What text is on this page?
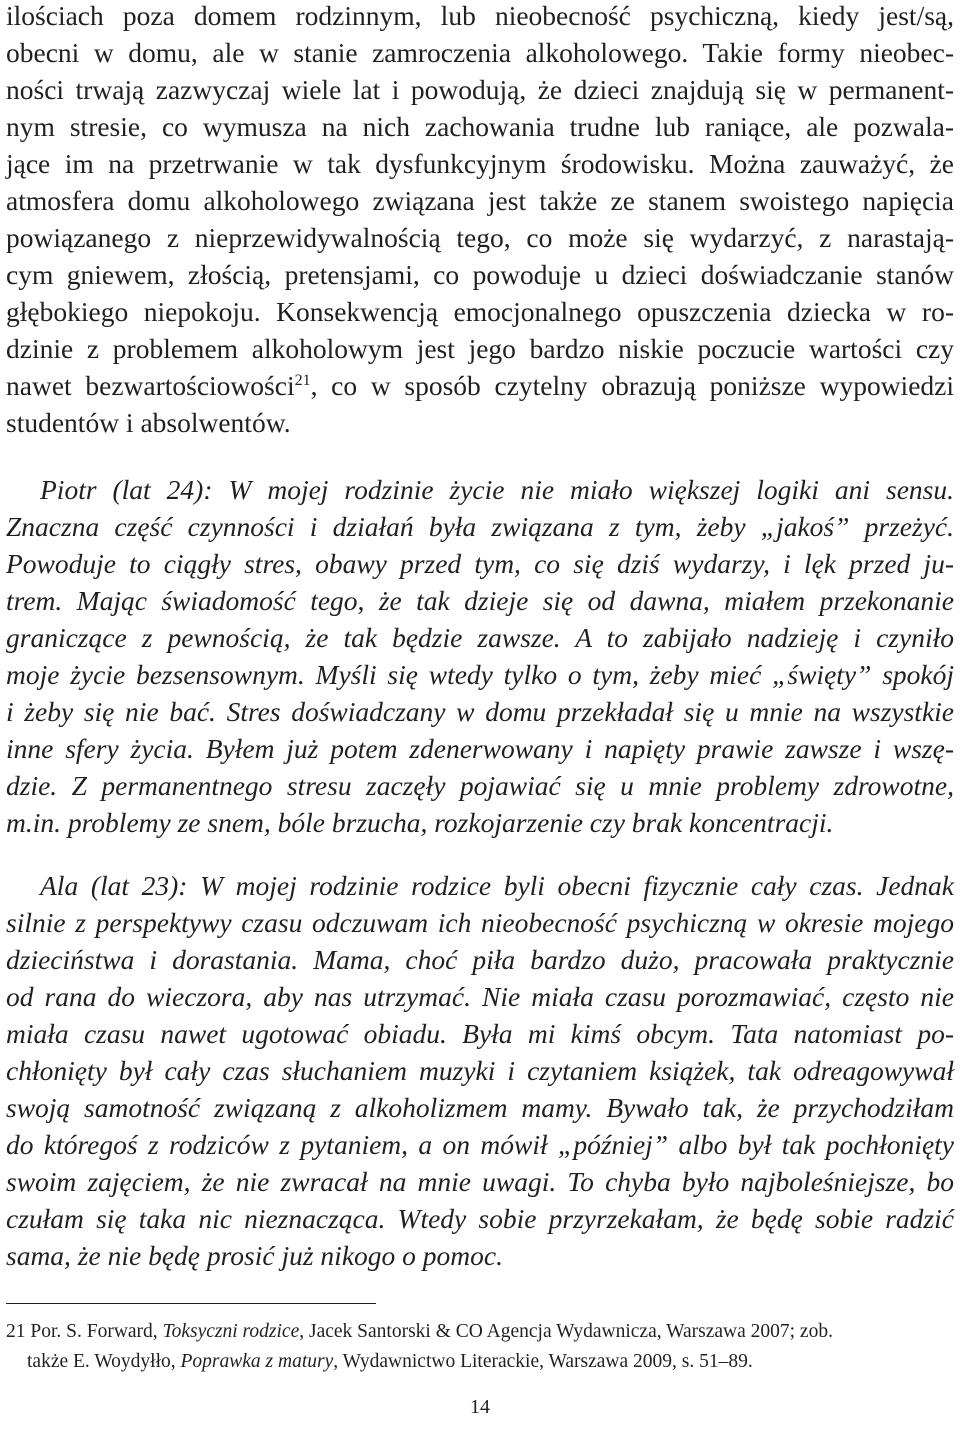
ilościach poza domem rodzinnym, lub nieobecność psychiczną, kiedy jest/są,
obecni w domu, ale w stanie zamroczenia alkoholowego. Takie formy nieobec-
ności trwają zazwyczaj wiele lat i powodują, że dzieci znajdują się w permanent-
nym stresie, co wymusza na nich zachowania trudne lub raniące, ale pozwala-
jące im na przetrwanie w tak dysfunkcyjnym środowisku. Można zauważyć, że
atmosfera domu alkoholowego związana jest także ze stanem swoistego napięcia
powiązanego z nieprzewidywalnością tego, co może się wydarzyć, z narastają-
cym gniewem, złością, pretensjami, co powoduje u dzieci doświadczanie stanów
głębokiego niepokoju. Konsekwencją emocjonalnego opuszczenia dziecka w ro-
dzinie z problemem alkoholowym jest jego bardzo niskie poczucie wartości czy
nawet bezwartościowości$^{21}$, co w sposób czytelny obrazują poniższe wypowiedzi
studentów i absolwentów.
Piotr (lat 24): W mojej rodzinie życie nie miało większej logiki ani sensu.
Znaczna część czynności i działań była związana z tym, żeby „jakoś” przeżyć.
Powoduje to ciągły stres, obawy przed tym, co się dziś wydarzy, i lęk przed ju-
trem. Mając świadomość tego, że tak dzieje się od dawna, miałem przekonanie
graniczące z pewnością, że tak będzie zawsze. A to zabijało nadzieję i czyniło
moje życie bezsensownym. Myśli się wtedy tylko o tym, żeby mieć „święty” spokój
i żeby się nie bać. Stres doświadczany w domu przekładał się u mnie na wszystkie
inne sfery życia. Byłem już potem zdenerwowany i napięty prawie zawsze i wszę-
dzie. Z permanentnego stresu zaczęły pojawiać się u mnie problemy zdrowotne,
m.in. problemy ze snem, bóle brzucha, rozkojarzenie czy brak koncentracji.
Ala (lat 23): W mojej rodzinie rodzice byli obecni fizycznie cały czas. Jednak
silnie z perspektywy czasu odczuwam ich nieobecność psychiczną w okresie mojego
dzieciństwa i dorastania. Mama, choć piła bardzo dużo, pracowała praktycznie
od rana do wieczora, aby nas utrzymać. Nie miała czasu porozmawiać, często nie
miała czasu nawet ugotować obiadu. Była mi kimś obcym. Tata natomiast po-
chłonięty był cały czas słuchaniem muzyki i czytaniem książek, tak odreagowywał
swoją samotność związaną z alkoholizmem mamy. Bywało tak, że przychodziłam
do któregoś z rodziców z pytaniem, a on mówił „później” albo był tak pochłonięty
swoim zajęciem, że nie zwracał na mnie uwagi. To chyba było najboleśniejsze, bo
czułam się taka nic nieznacząca. Wtedy sobie przyrzekałam, że będę sobie radzić
sama, że nie będę prosić już nikogo o pomoc.
21 Por. S. Forward, Toksyczni rodzice, Jacek Santorski & CO Agencja Wydawnicza, Warszawa 2007; zob.
także E. Woydyłło, Poprawka z matury, Wydawnictwo Literackie, Warszawa 2009, s. 51–89.
14
